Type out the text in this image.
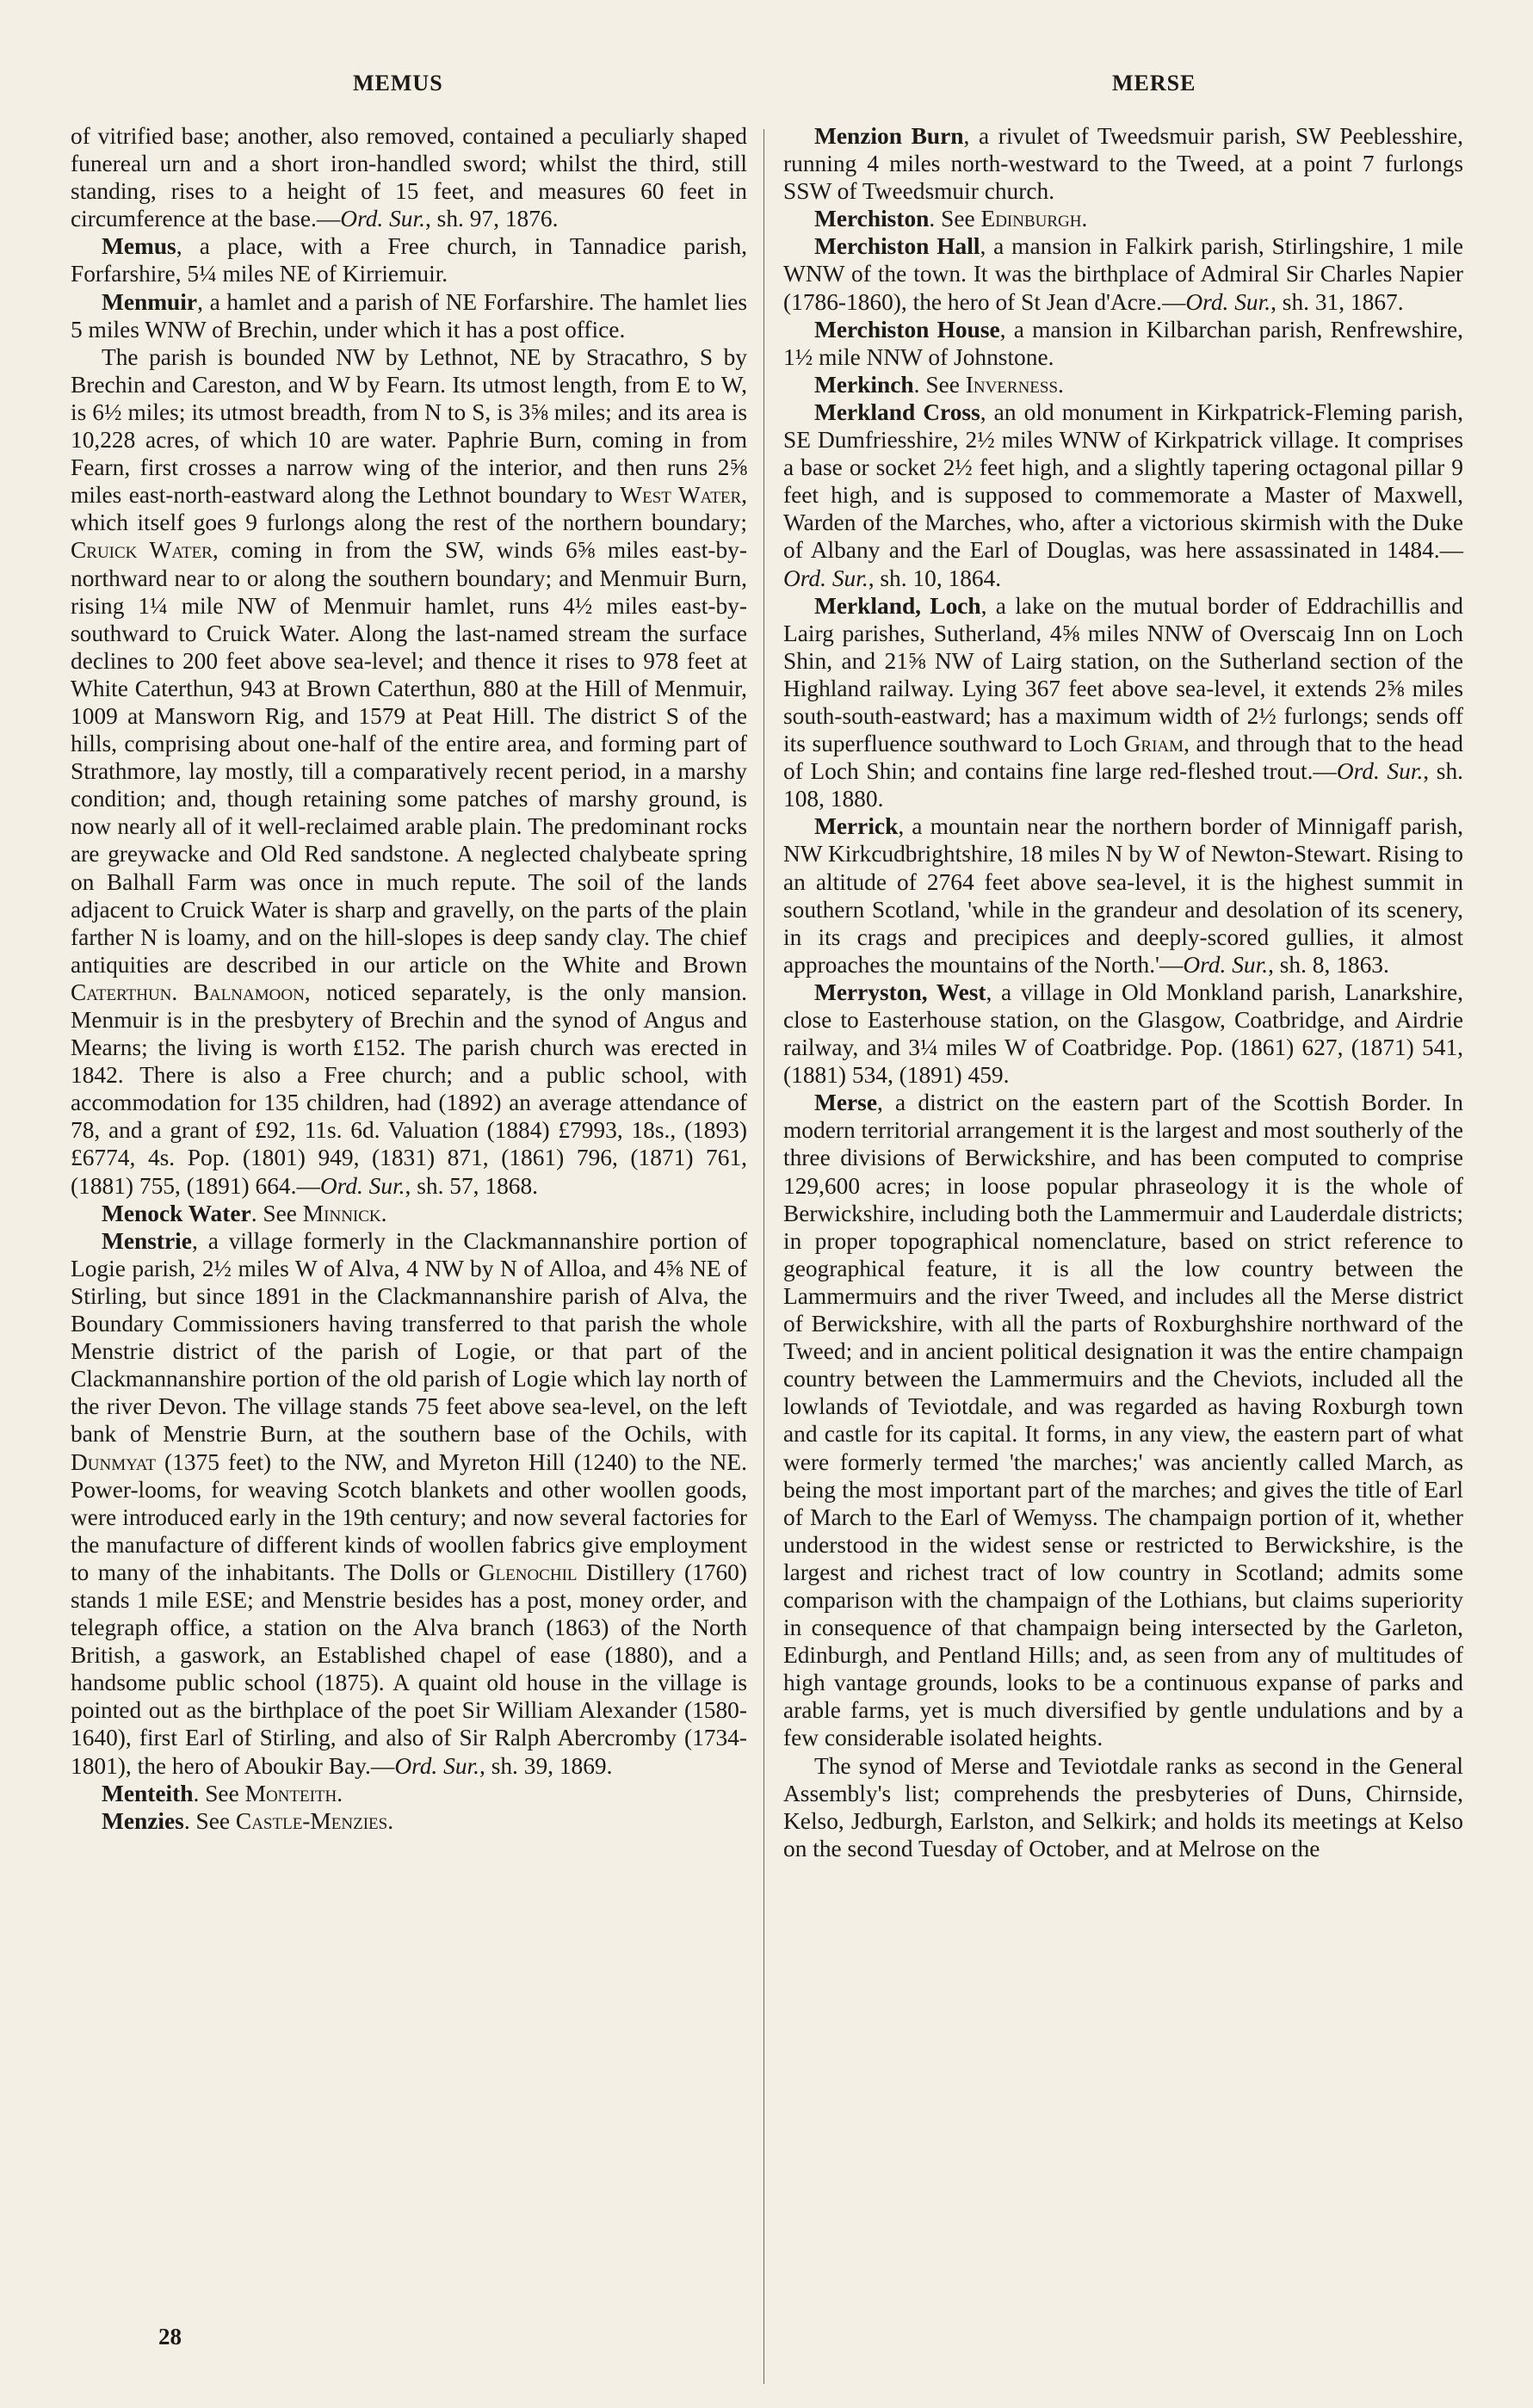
MEMUS	MERSE

of vitrified base; another, also removed, contained a peculiarly shaped funereal urn and a short iron-handled sword; whilst the third, still standing, rises to a height of 15 feet, and measures 60 feet in circumference at the base.—Ord. Sur., sh. 97, 1876.

Memus, a place, with a Free church, in Tannadice parish, Forfarshire, 5¼ miles NE of Kirriemuir.

Menmuir, a hamlet and a parish of NE Forfarshire. The hamlet lies 5 miles WNW of Brechin, under which it has a post office.

The parish is bounded NW by Lethnot, NE by Stracathro, S by Brechin and Careston, and W by Fearn. Its utmost length, from E to W, is 6½ miles; its utmost breadth, from N to S, is 3⅝ miles; and its area is 10,228 acres, of which 10 are water. Paphrie Burn, coming in from Fearn, first crosses a narrow wing of the interior, and then runs 2⅝ miles east-north-eastward along the Lethnot boundary to West Water, which itself goes 9 furlongs along the rest of the northern boundary; Cruick Water, coming in from the SW, winds 6⅝ miles east-by-northward near to or along the southern boundary; and Menmuir Burn, rising 1¼ mile NW of Menmuir hamlet, runs 4½ miles east-by-southward to Cruick Water. Along the last-named stream the surface declines to 200 feet above sea-level; and thence it rises to 978 feet at White Caterthun, 943 at Brown Caterthun, 880 at the Hill of Menmuir, 1009 at Mansworn Rig, and 1579 at Peat Hill. The district S of the hills, comprising about one-half of the entire area, and forming part of Strathmore, lay mostly, till a comparatively recent period, in a marshy condition; and, though retaining some patches of marshy ground, is now nearly all of it well-reclaimed arable plain. The predominant rocks are greywacke and Old Red sandstone. A neglected chalybeate spring on Balhall Farm was once in much repute. The soil of the lands adjacent to Cruick Water is sharp and gravelly, on the parts of the plain farther N is loamy, and on the hill-slopes is deep sandy clay. The chief antiquities are described in our article on the White and Brown Caterthun. Balnamoon, noticed separately, is the only mansion. Menmuir is in the presbytery of Brechin and the synod of Angus and Mearns; the living is worth £152. The parish church was erected in 1842. There is also a Free church; and a public school, with accommodation for 135 children, had (1892) an average attendance of 78, and a grant of £92, 11s. 6d. Valuation (1884) £7993, 18s., (1893) £6774, 4s. Pop. (1801) 949, (1831) 871, (1861) 796, (1871) 761, (1881) 755, (1891) 664.—Ord. Sur., sh. 57, 1868.

Menock Water. See Minnick.

Menstrie, a village formerly in the Clackmannanshire portion of Logie parish, 2½ miles W of Alva, 4 NW by N of Alloa, and 4⅝ NE of Stirling, but since 1891 in the Clackmannanshire parish of Alva, the Boundary Commissioners having transferred to that parish the whole Menstrie district of the parish of Logie, or that part of the Clackmannanshire portion of the old parish of Logie which lay north of the river Devon. The village stands 75 feet above sea-level, on the left bank of Menstrie Burn, at the southern base of the Ochils, with Dunmyat (1375 feet) to the NW, and Myreton Hill (1240) to the NE. Power-looms, for weaving Scotch blankets and other woollen goods, were introduced early in the 19th century; and now several factories for the manufacture of different kinds of woollen fabrics give employment to many of the inhabitants. The Dolls or Glenochil Distillery (1760) stands 1 mile ESE; and Menstrie besides has a post, money order, and telegraph office, a station on the Alva branch (1863) of the North British, a gaswork, an Established chapel of ease (1880), and a handsome public school (1875). A quaint old house in the village is pointed out as the birthplace of the poet Sir William Alexander (1580-1640), first Earl of Stirling, and also of Sir Ralph Abercromby (1734-1801), the hero of Aboukir Bay.—Ord. Sur., sh. 39, 1869.

Menteith. See Monteith.

Menzies. See Castle-Menzies.

Menzion Burn, a rivulet of Tweedsmuir parish, SW Peeblesshire, running 4 miles north-westward to the Tweed, at a point 7 furlongs SSW of Tweedsmuir church.

Merchiston. See Edinburgh.

Merchiston Hall, a mansion in Falkirk parish, Stirlingshire, 1 mile WNW of the town. It was the birthplace of Admiral Sir Charles Napier (1786-1860), the hero of St Jean d'Acre.—Ord. Sur., sh. 31, 1867.

Merchiston House, a mansion in Kilbarchan parish, Renfrewshire, 1½ mile NNW of Johnstone.

Merkinch. See Inverness.

Merkland Cross, an old monument in Kirkpatrick-Fleming parish, SE Dumfriesshire, 2½ miles WNW of Kirkpatrick village. It comprises a base or socket 2½ feet high, and a slightly tapering octagonal pillar 9 feet high, and is supposed to commemorate a Master of Maxwell, Warden of the Marches, who, after a victorious skirmish with the Duke of Albany and the Earl of Douglas, was here assassinated in 1484.—Ord. Sur., sh. 10, 1864.

Merkland, Loch, a lake on the mutual border of Eddrachillis and Lairg parishes, Sutherland, 4⅝ miles NNW of Overscaig Inn on Loch Shin, and 21⅝ NW of Lairg station, on the Sutherland section of the Highland railway. Lying 367 feet above sea-level, it extends 2⅝ miles south-south-eastward; has a maximum width of 2½ furlongs; sends off its superfluence southward to Loch Griam, and through that to the head of Loch Shin; and contains fine large red-fleshed trout.—Ord. Sur., sh. 108, 1880.

Merrick, a mountain near the northern border of Minnigaff parish, NW Kirkcudbrightshire, 18 miles N by W of Newton-Stewart. Rising to an altitude of 2764 feet above sea-level, it is the highest summit in southern Scotland, 'while in the grandeur and desolation of its scenery, in its crags and precipices and deeply-scored gullies, it almost approaches the mountains of the North.'—Ord. Sur., sh. 8, 1863.

Merryston, West, a village in Old Monkland parish, Lanarkshire, close to Easterhouse station, on the Glasgow, Coatbridge, and Airdrie railway, and 3¼ miles W of Coatbridge. Pop. (1861) 627, (1871) 541, (1881) 534, (1891) 459.

Merse, a district on the eastern part of the Scottish Border. In modern territorial arrangement it is the largest and most southerly of the three divisions of Berwickshire, and has been computed to comprise 129,600 acres; in loose popular phraseology it is the whole of Berwickshire, including both the Lammermuir and Lauderdale districts; in proper topographical nomenclature, based on strict reference to geographical feature, it is all the low country between the Lammermuirs and the river Tweed, and includes all the Merse district of Berwickshire, with all the parts of Roxburghshire northward of the Tweed; and in ancient political designation it was the entire champaign country between the Lammermuirs and the Cheviots, included all the lowlands of Teviotdale, and was regarded as having Roxburgh town and castle for its capital. It forms, in any view, the eastern part of what were formerly termed 'the marches;' was anciently called March, as being the most important part of the marches; and gives the title of Earl of March to the Earl of Wemyss. The champaign portion of it, whether understood in the widest sense or restricted to Berwickshire, is the largest and richest tract of low country in Scotland; admits some comparison with the champaign of the Lothians, but claims superiority in consequence of that champaign being intersected by the Garleton, Edinburgh, and Pentland Hills; and, as seen from any of multitudes of high vantage grounds, looks to be a continuous expanse of parks and arable farms, yet is much diversified by gentle undulations and by a few considerable isolated heights.

The synod of Merse and Teviotdale ranks as second in the General Assembly's list; comprehends the presbyteries of Duns, Chirnside, Kelso, Jedburgh, Earlston, and Selkirk; and holds its meetings at Kelso on the second Tuesday of October, and at Melrose on the

28
